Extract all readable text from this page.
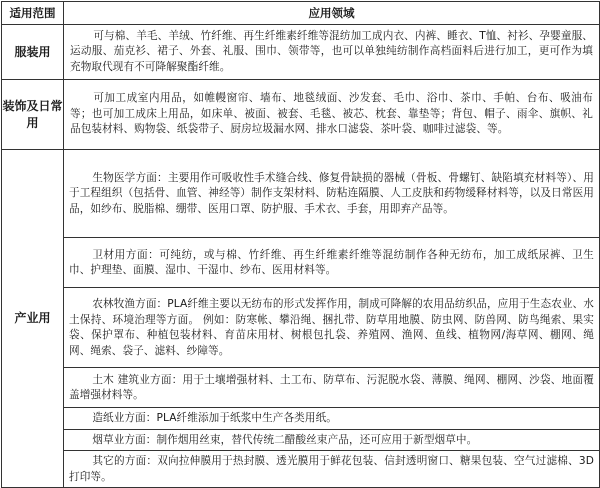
适用范围	应用领域
服装用	可与棉、羊毛、羊绒、竹纤维、再生纤维素纤维等混纺加工成内衣、内裤、睡衣、T恤、衬衫、孕婴童服、运动服、茄克衫、裙子、外套、礼服、围巾、领带等，也可以单独纯纺制作高档面料后进行加工，更可作为填充物取代现有不可降解聚酯纤维。

装饰及日常用	可加工成室内用品，如帷幔窗帘、墙布、地毯绒面、沙发套、毛巾、浴巾、茶巾、手帕、台布、吸油布等；也可加工成床上用品，如床单、被面、被套、毛毯、被芯、枕套、靠垫等；背包、帽子、雨伞、旗帜、礼品包装材料、购物袋、纸袋带子、厨房垃圾漏水网、排水口滤袋、茶叶袋、咖啡过滤袋、等。

产业用	生物医学方面：主要用作可吸收性手术缝合线、修复骨缺损的器械（骨板、骨螺钉、缺陷填充材料等）、用于工程组织（包括骨、血管、神经等）制作支架材料、防粘连隔膜、人工皮肤和药物缓释材料等，以及日常医用品，如纱布、脱脂棉、绷带、医用口罩、防护服、手术衣、手套，用即弃产品等。

	卫材用方面：可纯纺，或与棉、竹纤维、再生纤维素纤维等混纺制作各种无纺布，加工成纸尿裤、卫生巾、护理垫、面膜、湿巾、干湿巾、纱布、医用材料等。

	农林牧渔方面：PLA纤维主要以无纺布的形式发挥作用，制成可降解的农用品纺织品，应用于生态农业、水土保持、环境治理等方面。 例如：防寒帐、攀沿绳、捆扎带、防草用地膜、防虫网、防兽网、防鸟绳索、果实袋、保护罩布、种植包装材料、育苗床用材、树根包扎袋、养殖网、渔网、鱼线、植物网/海草网、棚网、绳网、绳索、袋子、滤料、纱障等。

	土木 建筑业方面：用于土壤增强材料、土工布、防草布、污泥脱水袋、薄膜、绳网、棚网、沙袋、地面覆盖增强材料等。

	造纸业方面：PLA纤维添加于纸浆中生产各类用纸。

	烟草业方面：制作烟用丝束，替代传统二醋酸丝束产品，还可应用于新型烟草中。

	其它的方面：双向拉伸膜用于热封膜、透光膜用于鲜花包装、信封透明窗口、糖果包装、空气过滤棉、3D打印等。
